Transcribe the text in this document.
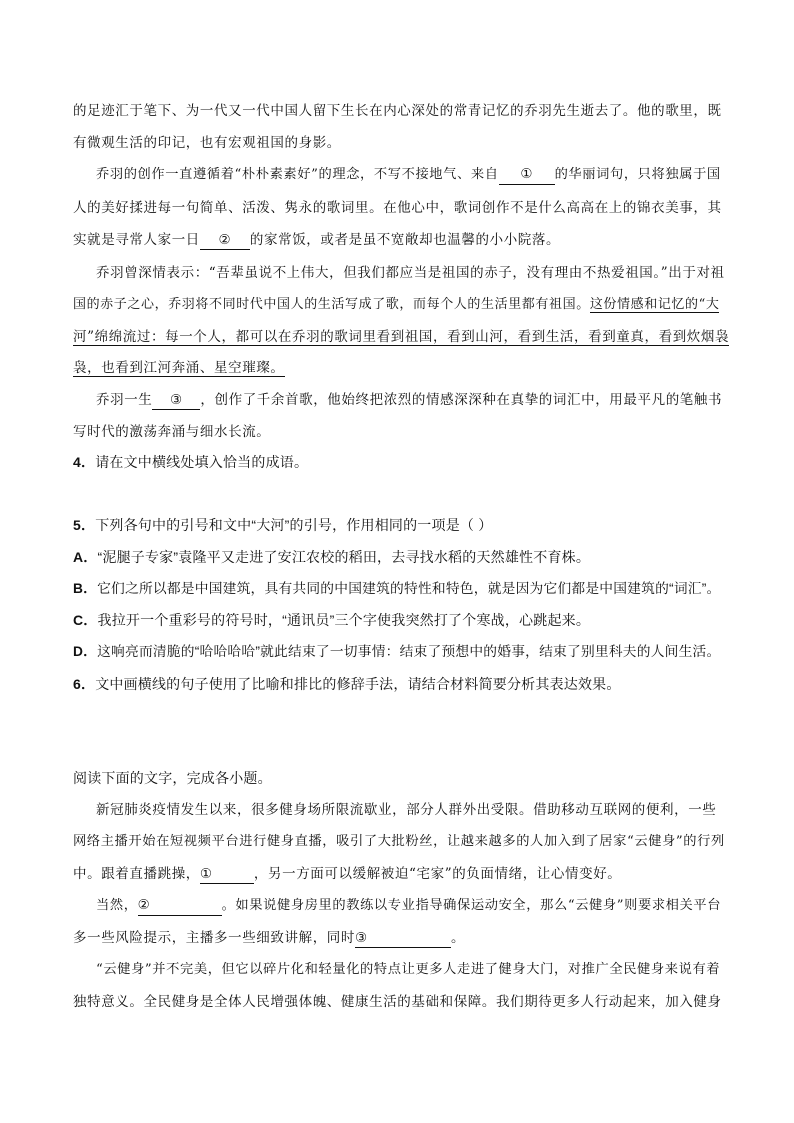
的足迹汇于笔下、为一代又一代中国人留下生长在内心深处的常青记忆的乔羽先生逝去了。他的歌里，既
有微观生活的印记，也有宏观祖国的身影。
乔羽的创作一直遵循着“朴朴素素好”的理念，不写不接地气、来自 ① 的华丽词句，只将独属于国
人的美好揉进每一句简单、活泼、隽永的歌词里。在他心中，歌词创作不是什么高高在上的锦衣美事，其
实就是寻常人家一日 ② 的家常饭，或者是虽不宽敞却也温馨的小小院落。
乔羽曾深情表示：“吾辈虽说不上伟大，但我们都应当是祖国的赤子，没有理由不热爱祖国。”出于对祖
国的赤子之心，乔羽将不同时代中国人的生活写成了歌，而每个人的生活里都有祖国。这份情感和记忆的“大
河”绵绵流过：每一个人，都可以在乔羽的歌词里看到祖国，看到山河，看到生活，看到童真，看到炊烟袅
袅，也看到江河奔涌、星空璀璨。
乔羽一生 ③ ，创作了千余首歌，他始终把浓烈的情感深深种在真挚的词汇中，用最平凡的笔触书
写时代的激荡奔涌与细水长流。
4．请在文中横线处填入恰当的成语。
5．下列各句中的引号和文中“大河”的引号，作用相同的一项是（ ）
A．“泥腿子专家”袁隆平又走进了安江农校的稻田，去寻找水稻的天然雄性不育株。
B．它们之所以都是中国建筑，具有共同的中国建筑的特性和特色，就是因为它们都是中国建筑的“词汇”。
C．我拉开一个重彩号的符号时，“通讯员”三个字使我突然打了个寒战，心跳起来。
D．这响亮而清脆的“哈哈哈哈”就此结束了一切事情：结束了预想中的婚事，结束了别里科夫的人间生活。
6．文中画横线的句子使用了比喻和排比的修辞手法，请结合材料简要分析其表达效果。
阅读下面的文字，完成各小题。
新冠肺炎疫情发生以来，很多健身场所限流歇业，部分人群外出受限。借助移动互联网的便利，一些
网络主播开始在短视频平台进行健身直播，吸引了大批粉丝，让越来越多的人加入到了居家“云健身”的行列
中。跟着直播跳操，①	，另一方面可以缓解被迫“宅家”的负面情绪，让心情变好。
当然，②	。如果说健身房里的教练以专业指导确保运动安全，那么“云健身”则要求相关平台
多一些风险提示，主播多一些细致讲解，同时③	。
“云健身”并不完美，但它以碎片化和轻量化的特点让更多人走进了健身大门，对推广全民健身来说有着
独特意义。全民健身是全体人民增强体魄、健康生活的基础和保障。我们期待更多人行动起来，加入健身
